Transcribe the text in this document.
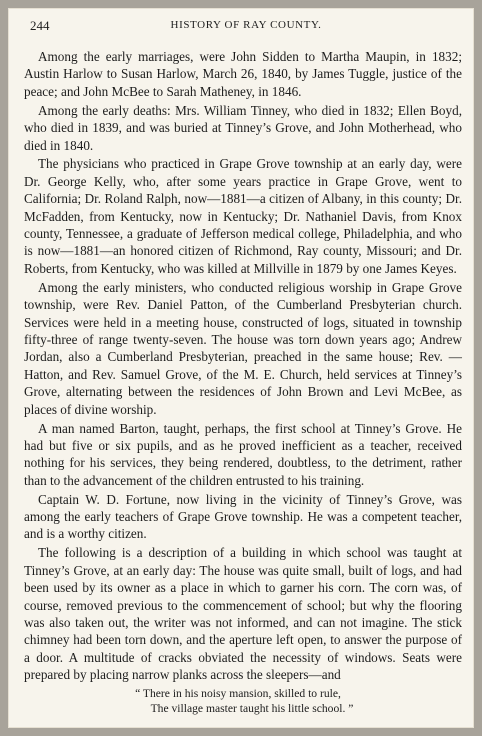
244	HISTORY OF RAY COUNTY.

Among the early marriages, were John Sidden to Martha Maupin, in 1832; Austin Harlow to Susan Harlow, March 26, 1840, by James Tuggle, justice of the peace; and John McBee to Sarah Matheney, in 1846.

Among the early deaths: Mrs. William Tinney, who died in 1832; Ellen Boyd, who died in 1839, and was buried at Tinney’s Grove, and John Motherhead, who died in 1840.

The physicians who practiced in Grape Grove township at an early day, were Dr. George Kelly, who, after some years practice in Grape Grove, went to California; Dr. Roland Ralph, now—1881—a citizen of Albany, in this county; Dr. McFadden, from Kentucky, now in Kentucky; Dr. Nathaniel Davis, from Knox county, Tennessee, a graduate of Jefferson medical college, Philadelphia, and who is now—1881—an honored citizen of Richmond, Ray county, Missouri; and Dr. Roberts, from Kentucky, who was killed at Millville in 1879 by one James Keyes.

Among the early ministers, who conducted religious worship in Grape Grove township, were Rev. Daniel Patton, of the Cumberland Presbyterian church. Services were held in a meeting house, constructed of logs, situated in township fifty-three of range twenty-seven. The house was torn down years ago; Andrew Jordan, also a Cumberland Presbyterian, preached in the same house; Rev. — Hatton, and Rev. Samuel Grove, of the M. E. Church, held services at Tinney’s Grove, alternating between the residences of John Brown and Levi McBee, as places of divine worship.

A man named Barton, taught, perhaps, the first school at Tinney’s Grove. He had but five or six pupils, and as he proved inefficient as a teacher, received nothing for his services, they being rendered, doubtless, to the detriment, rather than to the advancement of the children entrusted to his training.

Captain W. D. Fortune, now living in the vicinity of Tinney’s Grove, was among the early teachers of Grape Grove township. He was a competent teacher, and is a worthy citizen.

The following is a description of a building in which school was taught at Tinney’s Grove, at an early day: The house was quite small, built of logs, and had been used by its owner as a place in which to garner his corn. The corn was, of course, removed previous to the commencement of school; but why the flooring was also taken out, the writer was not informed, and can not imagine. The stick chimney had been torn down, and the aperture left open, to answer the purpose of a door. A multitude of cracks obviated the necessity of windows. Seats were prepared by placing narrow planks across the sleepers—and

“ There in his noisy mansion, skilled to rule,
The village master taught his little school. ”
